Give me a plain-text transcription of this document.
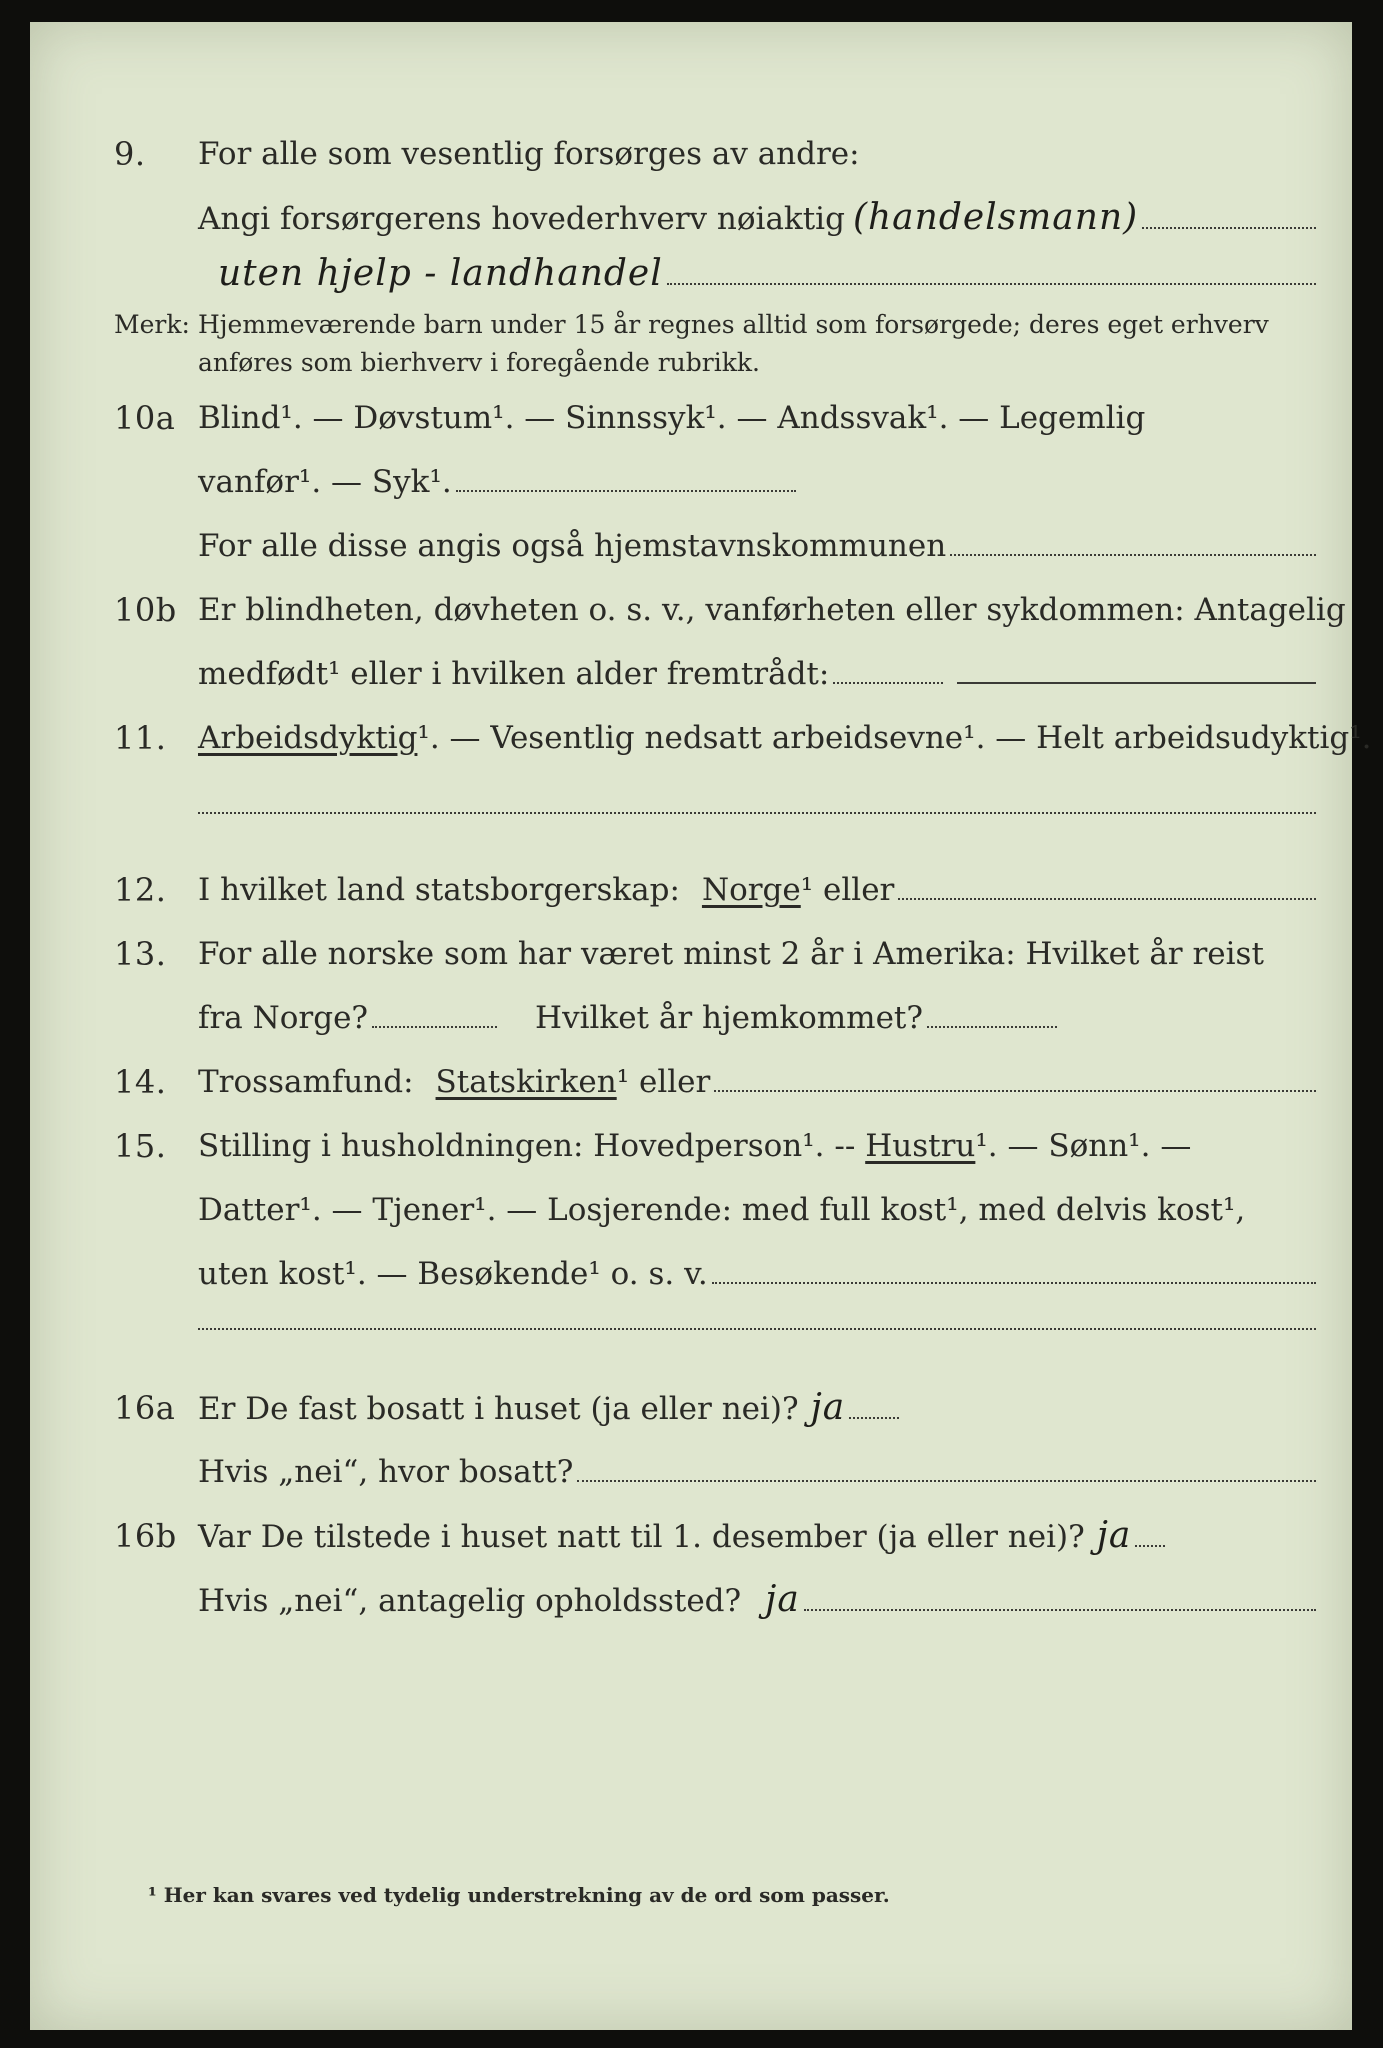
9. For alle som vesentlig forsørges av andre:
Angi forsørgerens hovederhverv nøiaktig (handelsmann)
uten hjelp - landhandel
Merk: Hjemmeværende barn under 15 år regnes alltid som forsørgede; deres eget erhverv anføres som bierhverv i foregående rubrikk.
10a Blind¹. — Døvstum¹. — Sinnssyk¹. — Andssvak¹. — Legemlig
vanfør¹. — Syk¹.
For alle disse angis også hjemstavnskommunen
10b Er blindheten, døvheten o. s. v., vanførheten eller sykdommen: Antagelig
medfødt¹ eller i hvilken alder fremtrådt:
11. Arbeidsdyktig ¹. — Vesentlig nedsatt arbeidsevne¹. — Helt arbeidsudyktig¹.
12. I hvilket land statsborgerskap: Norge ¹ eller
13. For alle norske som har været minst 2 år i Amerika: Hvilket år reist
fra Norge?	Hvilket år hjemkommet?
14. Trossamfund: Statskirken ¹ eller
15. Stilling i husholdningen: Hovedperson¹. -- Hustru ¹. — Sønn¹. —
Datter¹. — Tjener¹. — Losjerende: med full kost¹, med delvis kost¹,
uten kost¹. — Besøkende¹ o. s. v.
16a Er De fast bosatt i huset (ja eller nei)? ja
Hvis „nei“, hvor bosatt?
16b Var De tilstede i huset natt til 1. desember (ja eller nei)? ja
Hvis „nei“, antagelig opholdssted? ja
¹ Her kan svares ved tydelig understrekning av de ord som passer.
